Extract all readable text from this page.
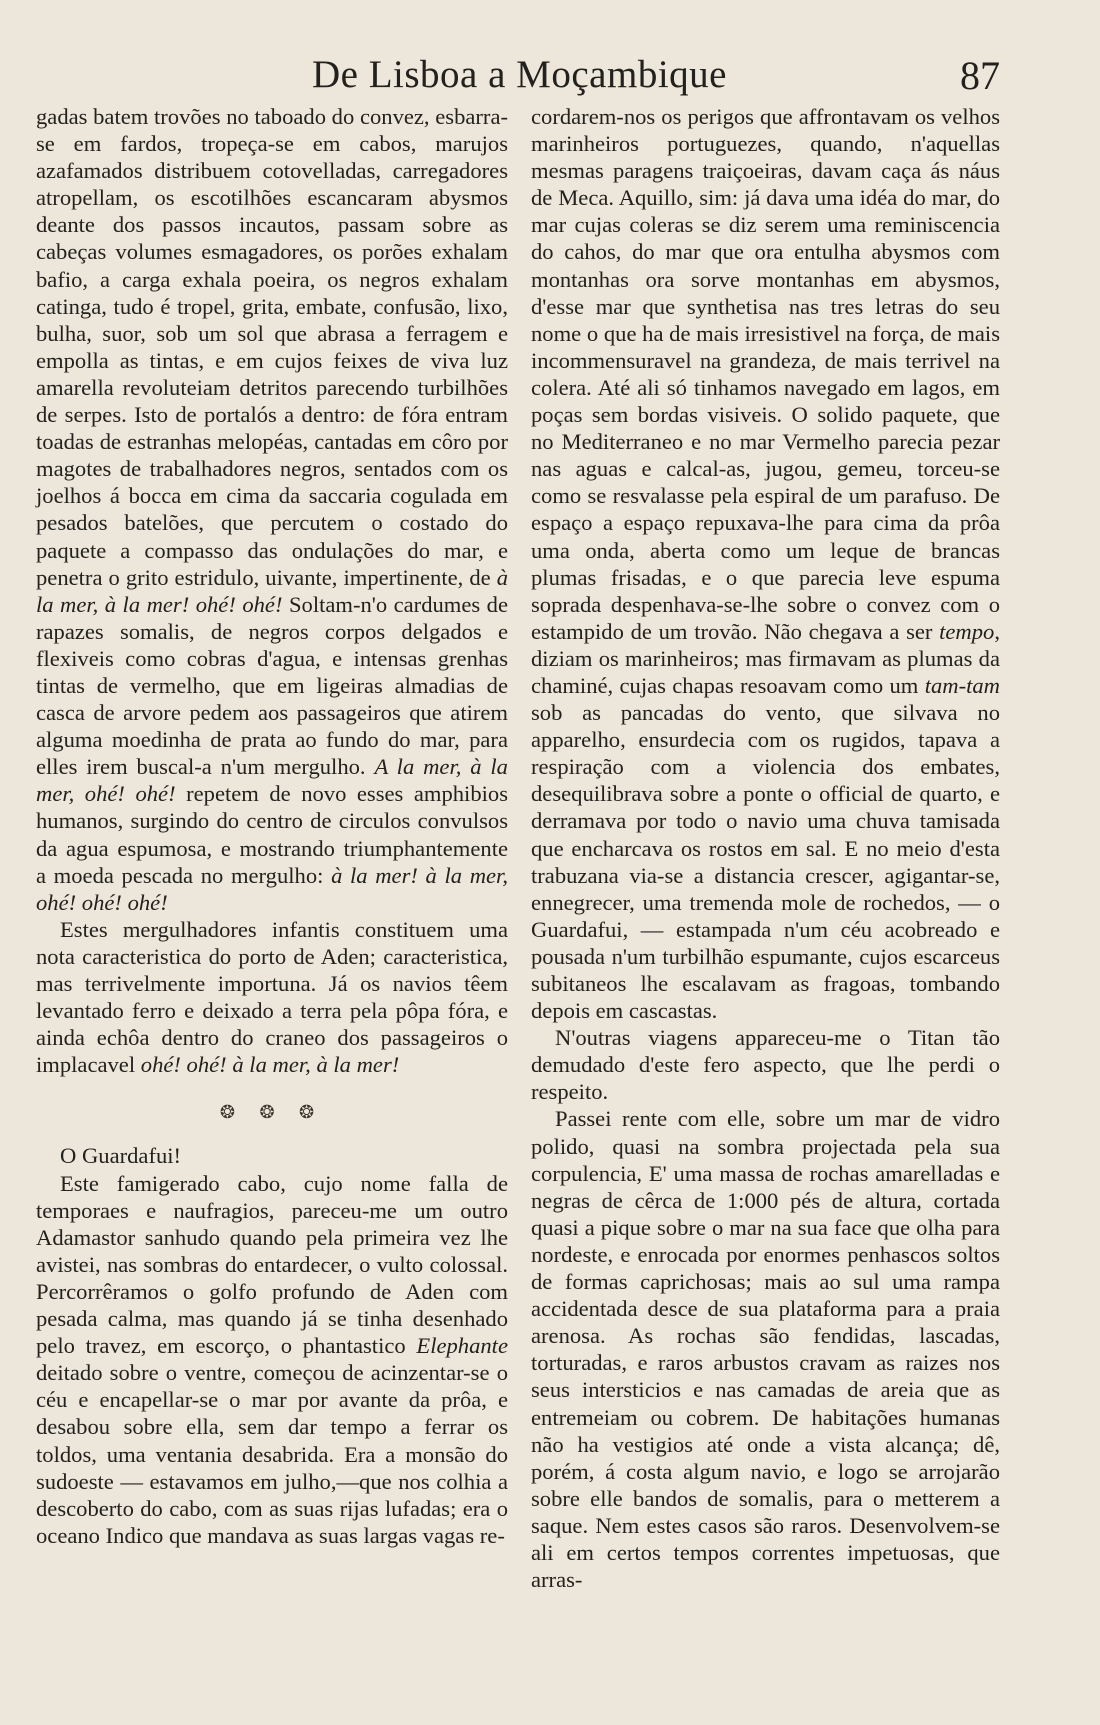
De Lisboa a Moçambique	87

gadas batem trovões no taboado do convez, esbarra-se em fardos, tropeça-se em cabos, marujos azafamados distribuem cotovelladas, carregadores atropellam, os escotilhões escancaram abysmos deante dos passos incautos, passam sobre as cabeças volumes esmagadores, os porões exhalam bafio, a carga exhala poeira, os negros exhalam catinga, tudo é tropel, grita, embate, confusão, lixo, bulha, suor, sob um sol que abrasa a ferragem e empolla as tintas, e em cujos feixes de viva luz amarella revoluteiam detritos parecendo turbilhões de serpes. Isto de portalós a dentro: de fóra entram toadas de estranhas melopéas, cantadas em côro por magotes de trabalhadores negros, sentados com os joelhos á bocca em cima da saccaria cogulada em pesados batelões, que percutem o costado do paquete a compasso das ondulações do mar, e penetra o grito estridulo, uivante, impertinente, de à la mer, à la mer! ohé! ohé! Soltam-n'o cardumes de rapazes somalis, de negros corpos delgados e flexiveis como cobras d'agua, e intensas grenhas tintas de vermelho, que em ligeiras almadias de casca de arvore pedem aos passageiros que atirem alguma moedinha de prata ao fundo do mar, para elles irem buscal-a n'um mergulho. A la mer, à la mer, ohé! ohé! repetem de novo esses amphibios humanos, surgindo do centro de circulos convulsos da agua espumosa, e mostrando triumphantemente a moeda pescada no mergulho: à la mer! à la mer, ohé! ohé! ohé!

Estes mergulhadores infantis constituem uma nota caracteristica do porto de Aden; caracteristica, mas terrivelmente importuna. Já os navios têem levantado ferro e deixado a terra pela pôpa fóra, e ainda echôa dentro do craneo dos passageiros o implacavel ohé! ohé! à la mer, à la mer!

❂ ❂ ❂

O Guardafui!

Este famigerado cabo, cujo nome falla de temporaes e naufragios, pareceu-me um outro Adamastor sanhudo quando pela primeira vez lhe avistei, nas sombras do entardecer, o vulto colossal. Percorrêramos o golfo profundo de Aden com pesada calma, mas quando já se tinha desenhado pelo travez, em escorço, o phantastico Elephante deitado sobre o ventre, começou de acinzentar-se o céu e encapellar-se o mar por avante da prôa, e desabou sobre ella, sem dar tempo a ferrar os toldos, uma ventania desabrida. Era a monsão do sudoeste — estavamos em julho,—que nos colhia a descoberto do cabo, com as suas rijas lufadas; era o oceano Indico que mandava as suas largas vagas re-

cordarem-nos os perigos que affrontavam os velhos marinheiros portuguezes, quando, n'aquellas mesmas paragens traiçoeiras, davam caça ás náus de Meca. Aquillo, sim: já dava uma idéa do mar, do mar cujas coleras se diz serem uma reminiscencia do cahos, do mar que ora entulha abysmos com montanhas ora sorve montanhas em abysmos, d'esse mar que synthetisa nas tres letras do seu nome o que ha de mais irresistivel na força, de mais incommensuravel na grandeza, de mais terrivel na colera. Até ali só tinhamos navegado em lagos, em poças sem bordas visiveis. O solido paquete, que no Mediterraneo e no mar Vermelho parecia pezar nas aguas e calcal-as, jugou, gemeu, torceu-se como se resvalasse pela espiral de um parafuso. De espaço a espaço repuxava-lhe para cima da prôa uma onda, aberta como um leque de brancas plumas frisadas, e o que parecia leve espuma soprada despenhava-se-lhe sobre o convez com o estampido de um trovão. Não chegava a ser tempo, diziam os marinheiros; mas firmavam as plumas da chaminé, cujas chapas resoavam como um tam-tam sob as pancadas do vento, que silvava no apparelho, ensurdecia com os rugidos, tapava a respiração com a violencia dos embates, desequilibrava sobre a ponte o official de quarto, e derramava por todo o navio uma chuva tamisada que encharcava os rostos em sal. E no meio d'esta trabuzana via-se a distancia crescer, agigantar-se, ennegrecer, uma tremenda mole de rochedos, — o Guardafui, — estampada n'um céu acobreado e pousada n'um turbilhão espumante, cujos escarceus subitaneos lhe escalavam as fragoas, tombando depois em cascastas.

N'outras viagens appareceu-me o Titan tão demudado d'este fero aspecto, que lhe perdi o respeito.

Passei rente com elle, sobre um mar de vidro polido, quasi na sombra projectada pela sua corpulencia, E' uma massa de rochas amarelladas e negras de cêrca de 1:000 pés de altura, cortada quasi a pique sobre o mar na sua face que olha para nordeste, e enrocada por enormes penhascos soltos de formas caprichosas; mais ao sul uma rampa accidentada desce de sua plataforma para a praia arenosa. As rochas são fendidas, lascadas, torturadas, e raros arbustos cravam as raizes nos seus intersticios e nas camadas de areia que as entremeiam ou cobrem. De habitações humanas não ha vestigios até onde a vista alcança; dê, porém, á costa algum navio, e logo se arrojarão sobre elle bandos de somalis, para o metterem a saque. Nem estes casos são raros. Desenvolvem-se ali em certos tempos correntes impetuosas, que arras-
